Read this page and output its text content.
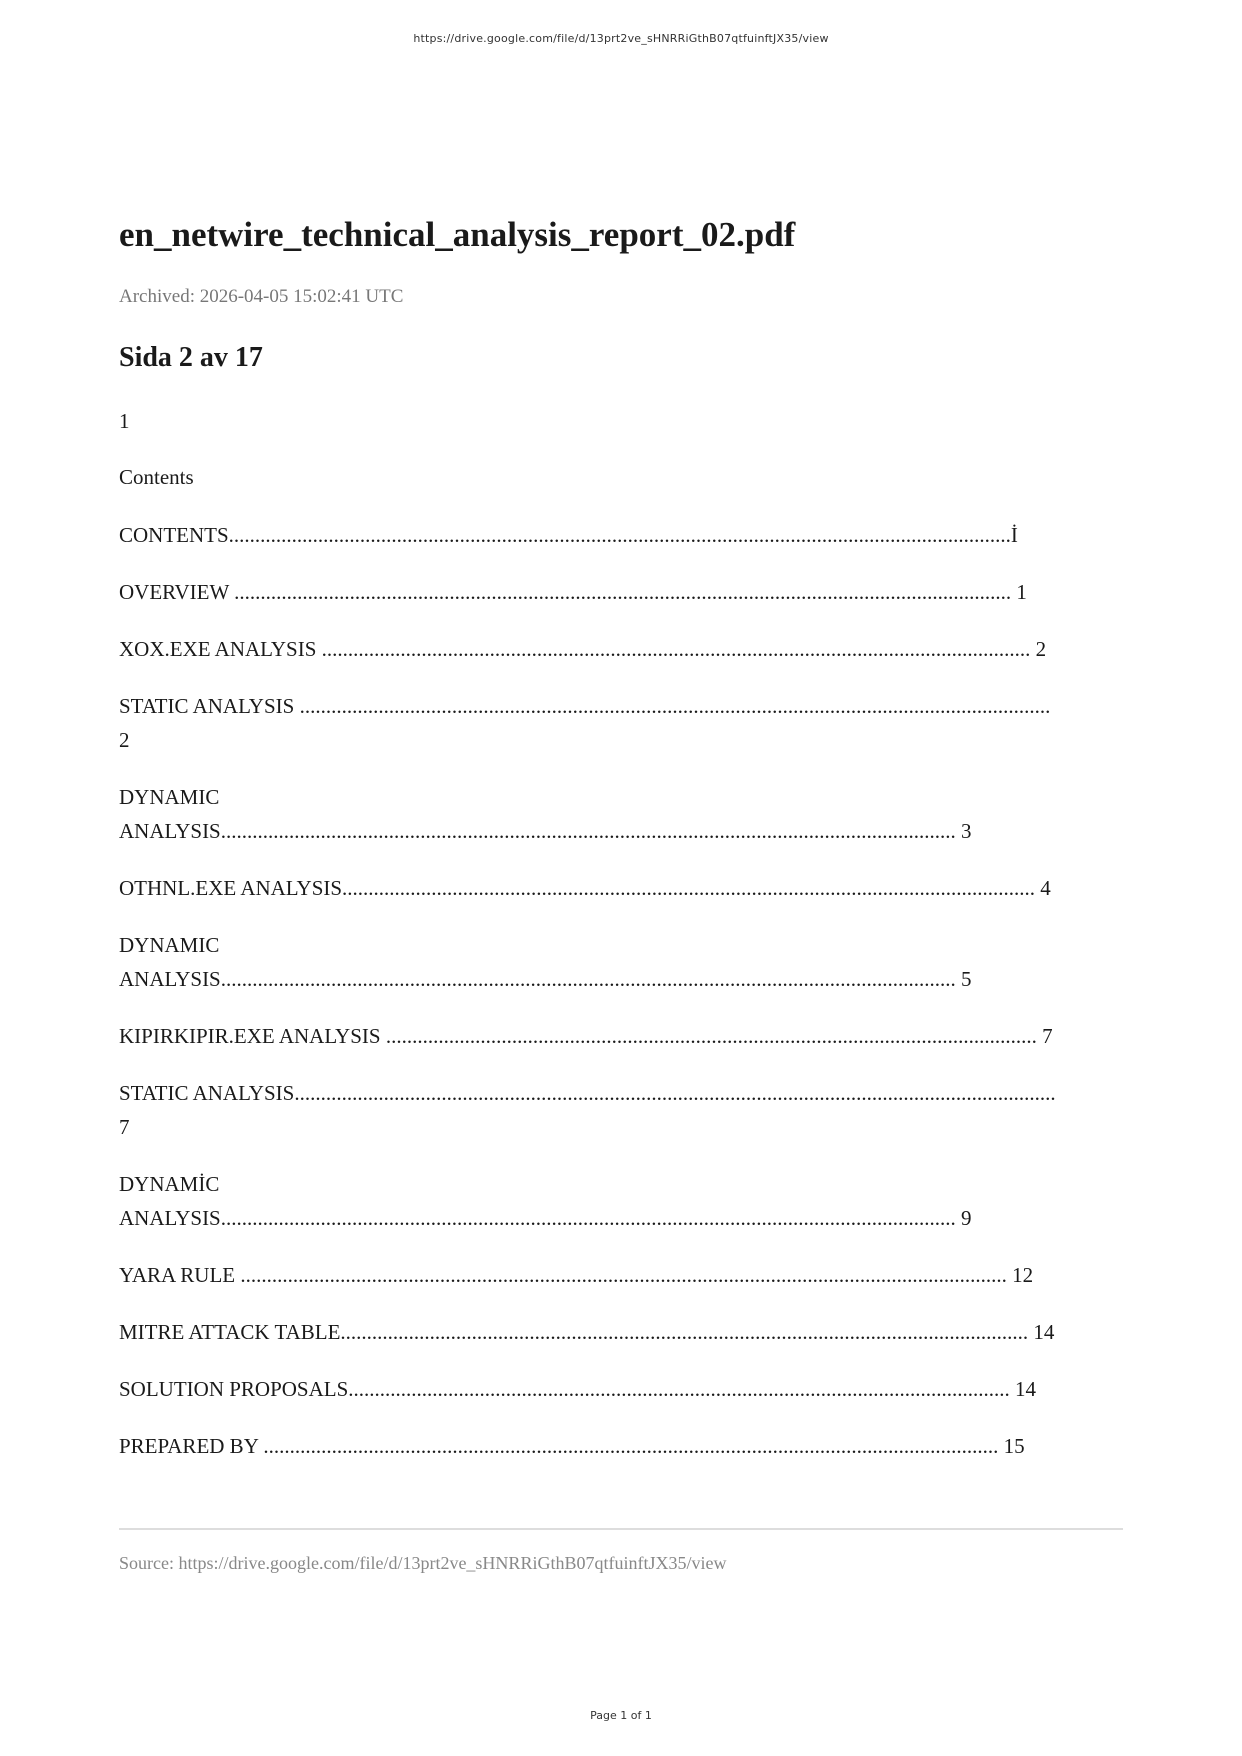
https://drive.google.com/file/d/13prt2ve_sHNRRiGthB07qtfuinftJX35/view
en_netwire_technical_analysis_report_02.pdf
Archived: 2026-04-05 15:02:41 UTC
Sida 2 av 17
1
Contents
CONTENTS.....................................................................................................................................................İ
OVERVIEW .................................................................................................................................................... 1
XOX.EXE ANALYSIS ....................................................................................................................................... 2
STATIC ANALYSIS ...............................................................................................................................................
2
DYNAMIC
ANALYSIS............................................................................................................................................ 3
OTHNL.EXE ANALYSIS.................................................................................................................................... 4
DYNAMIC
ANALYSIS............................................................................................................................................ 5
KIPIRKIPIR.EXE ANALYSIS ............................................................................................................................ 7
STATIC ANALYSIS.................................................................................................................................................
7
DYNAMİC
ANALYSIS............................................................................................................................................ 9
YARA RULE .................................................................................................................................................. 12
MITRE ATTACK TABLE................................................................................................................................... 14
SOLUTION PROPOSALS.............................................................................................................................. 14
PREPARED BY ............................................................................................................................................ 15
Source: https://drive.google.com/file/d/13prt2ve_sHNRRiGthB07qtfuinftJX35/view
Page 1 of 1
